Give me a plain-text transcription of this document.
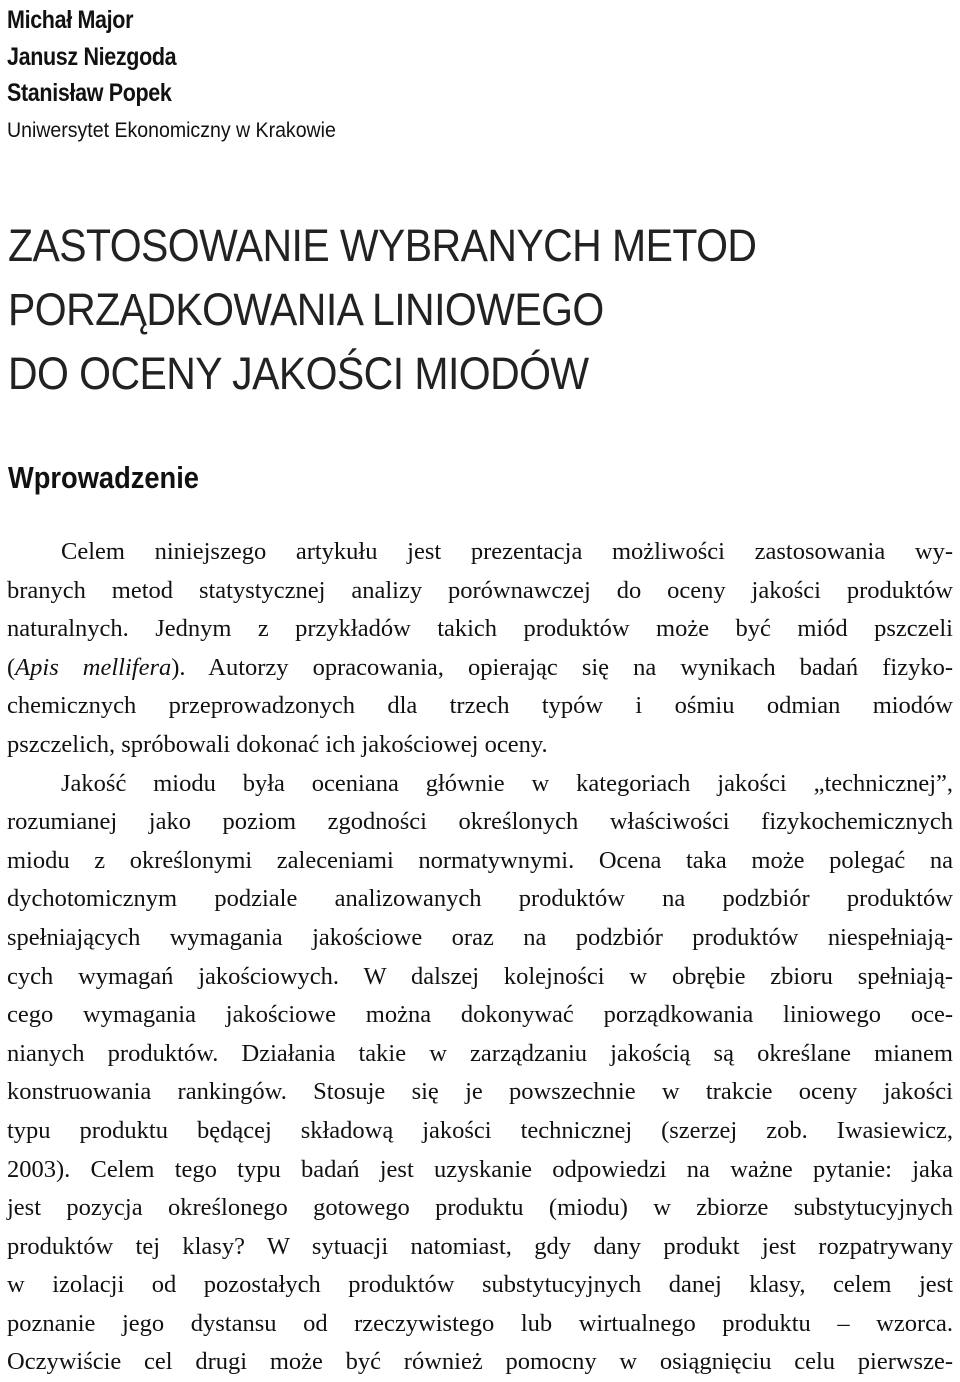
Michał Major
Janusz Niezgoda
Stanisław Popek
Uniwersytet Ekonomiczny w Krakowie
ZASTOSOWANIE WYBRANYCH METOD
PORZĄDKOWANIA LINIOWEGO
DO OCENY JAKOŚCI MIODÓW
Wprowadzenie
Celem niniejszego artykułu jest prezentacja możliwości zastosowania wy-
branych metod statystycznej analizy porównawczej do oceny jakości produktów
naturalnych. Jednym z przykładów takich produktów może być miód pszczeli
(Apis mellifera). Autorzy opracowania, opierając się na wynikach badań fizyko-
chemicznych przeprowadzonych dla trzech typów i ośmiu odmian miodów
pszczelich, spróbowali dokonać ich jakościowej oceny.
Jakość miodu była oceniana głównie w kategoriach jakości „technicznej”,
rozumianej jako poziom zgodności określonych właściwości fizykochemicznych
miodu z określonymi zaleceniami normatywnymi. Ocena taka może polegać na
dychotomicznym podziale analizowanych produktów na podzbiór produktów
spełniających wymagania jakościowe oraz na podzbiór produktów niespełniają-
cych wymagań jakościowych. W dalszej kolejności w obrębie zbioru spełniają-
cego wymagania jakościowe można dokonywać porządkowania liniowego oce-
nianych produktów. Działania takie w zarządzaniu jakością są określane mianem
konstruowania rankingów. Stosuje się je powszechnie w trakcie oceny jakości
typu produktu będącej składową jakości technicznej (szerzej zob. Iwasiewicz,
2003). Celem tego typu badań jest uzyskanie odpowiedzi na ważne pytanie: jaka
jest pozycja określonego gotowego produktu (miodu) w zbiorze substytucyjnych
produktów tej klasy? W sytuacji natomiast, gdy dany produkt jest rozpatrywany
w izolacji od pozostałych produktów substytucyjnych danej klasy, celem jest
poznanie jego dystansu od rzeczywistego lub wirtualnego produktu – wzorca.
Oczywiście cel drugi może być również pomocny w osiągnięciu celu pierwsze-
